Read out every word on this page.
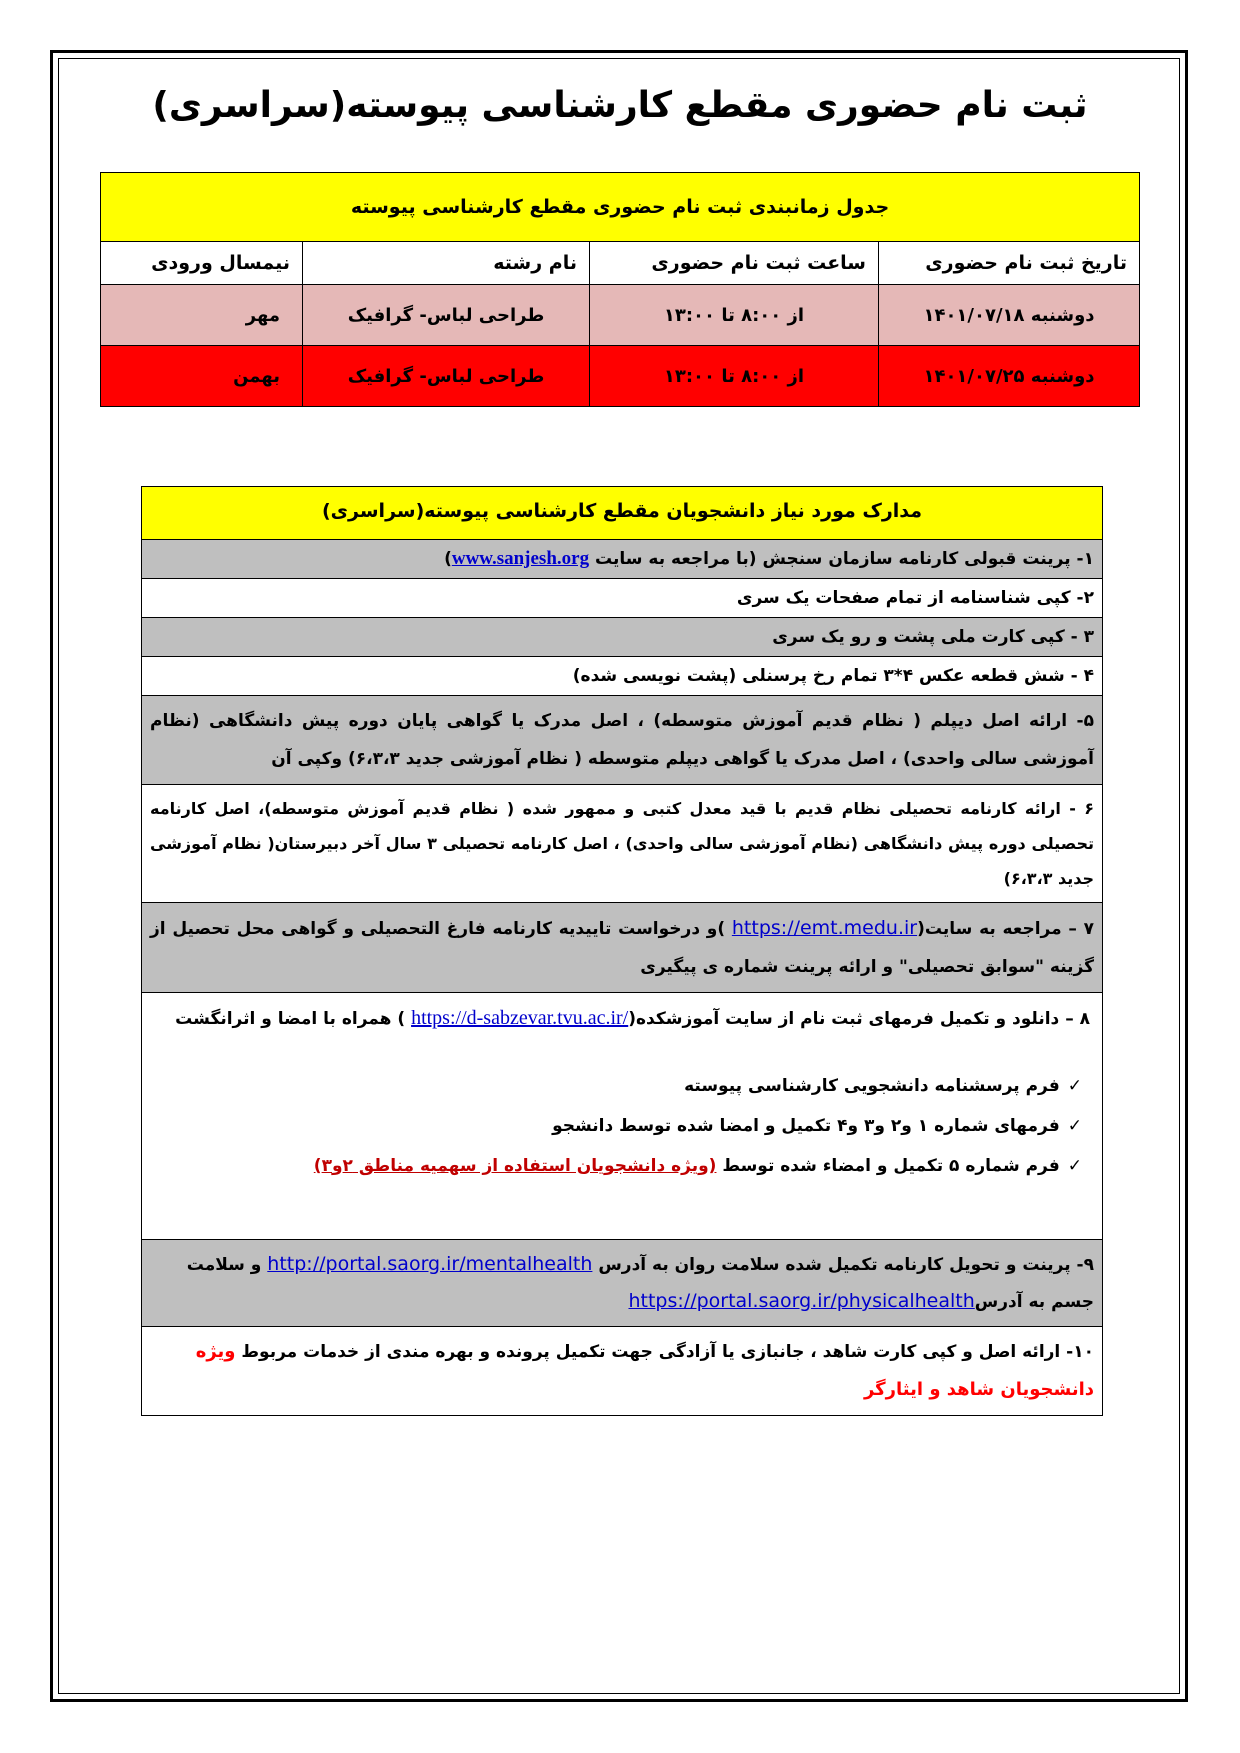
ثبت نام حضوری مقطع کارشناسی پیوسته(سراسری)
جدول زمانبندی ثبت نام حضوری مقطع کارشناسی پیوسته			
تاریخ ثبت نام حضوری	ساعت ثبت نام حضوری	نام رشته	نیمسال ورودی
دوشنبه ۱۴۰۱/۰۷/۱۸	از ۸:۰۰ تا ۱۳:۰۰	طراحی لباس- گرافیک	مهر
دوشنبه ۱۴۰۱/۰۷/۲۵	از ۸:۰۰ تا ۱۳:۰۰	طراحی لباس- گرافیک	بهمن
مدارک مورد نیاز دانشجویان مقطع کارشناسی پیوسته(سراسری)
۱- پرینت قبولی کارنامه سازمان سنجش (با مراجعه به سایت www.sanjesh.org)
۲- کپی شناسنامه از تمام صفحات یک سری
۳ - کپی کارت ملی پشت و رو یک سری
۴ - شش قطعه عکس ۴*۳ تمام رخ پرسنلی (پشت نویسی شده)
۵- ارائه اصل دیپلم ( نظام قدیم آموزش متوسطه) ، اصل مدرک یا گواهی پایان دوره پیش دانشگاهی (نظام آموزشی سالی واحدی) ، اصل مدرک یا گواهی دیپلم متوسطه ( نظام آموزشی جدید ۶،۳،۳) وکپی آن
۶ - ارائه کارنامه تحصیلی نظام قدیم با قید معدل کتبی و ممهور شده ( نظام قدیم آموزش متوسطه)، اصل کارنامه تحصیلی دوره پیش دانشگاهی (نظام آموزشی سالی واحدی) ، اصل کارنامه تحصیلی ۳ سال آخر دبیرستان( نظام آموزشی جدید ۶،۳،۳)
۷ – مراجعه به سایت(https://emt.medu.ir )و درخواست تاییدیه کارنامه فارغ التحصیلی و گواهی محل تحصیل از گزینه "سوابق تحصیلی" و ارائه پرینت شماره ی پیگیری

۸ – دانلود و تکمیل فرمهای ثبت نام از سایت آموزشکده(https://d-sabzevar.tvu.ac.ir/ ) همراه با امضا و اثرانگشت
✓فرم پرسشنامه دانشجویی کارشناسی پیوسته
✓فرمهای شماره ۱ و۲ و۳ و۴ تکمیل و امضا شده توسط دانشجو
✓فرم شماره ۵ تکمیل و امضاء شده توسط (ویژه دانشجویان استفاده از سهمیه مناطق ۲و۳)

۹- پرینت و تحویل کارنامه تکمیل شده سلامت روان به آدرس http://portal.saorg.ir/mentalhealth و سلامت جسم به آدرسhttps://portal.saorg.ir/physicalhealth
۱۰- ارائه اصل و کپی کارت شاهد ، جانبازی یا آزادگی جهت تکمیل پرونده و بهره مندی از خدمات مربوط ویژه دانشجویان شاهد و ایثارگر
